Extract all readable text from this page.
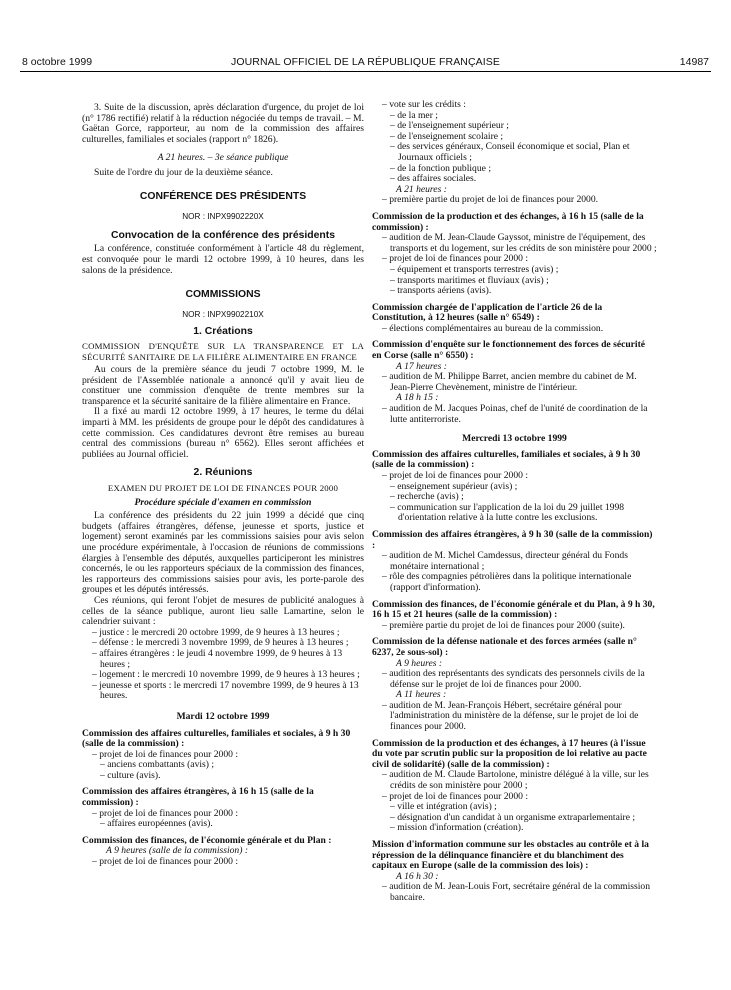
8 octobre 1999	JOURNAL OFFICIEL DE LA RÉPUBLIQUE FRANÇAISE	14987

3. Suite de la discussion, après déclaration d'urgence, du projet de loi (n° 1786 rectifié) relatif à la réduction négociée du temps de travail. – M. Gaëtan Gorce, rapporteur, au nom de la commission des affaires culturelles, familiales et sociales (rapport n° 1826).

A 21 heures. – 3e séance publique

Suite de l'ordre du jour de la deuxième séance.

CONFÉRENCE DES PRÉSIDENTS

NOR : INPX9902220X

Convocation de la conférence des présidents

La conférence, constituée conformément à l'article 48 du règlement, est convoquée pour le mardi 12 octobre 1999, à 10 heures, dans les salons de la présidence.

COMMISSIONS

NOR : INPX9902210X

1. Créations

COMMISSION D'ENQUÊTE SUR LA TRANSPARENCE ET LA SÉCURITÉ SANITAIRE DE LA FILIÈRE ALIMENTAIRE EN FRANCE

Au cours de la première séance du jeudi 7 octobre 1999, M. le président de l'Assemblée nationale a annoncé qu'il y avait lieu de constituer une commission d'enquête de trente membres sur la transparence et la sécurité sanitaire de la filière alimentaire en France.

Il a fixé au mardi 12 octobre 1999, à 17 heures, le terme du délai imparti à MM. les présidents de groupe pour le dépôt des candidatures à cette commission. Ces candidatures devront être remises au bureau central des commissions (bureau n° 6562). Elles seront affichées et publiées au Journal officiel.

2. Réunions

EXAMEN DU PROJET DE LOI DE FINANCES POUR 2000

Procédure spéciale d'examen en commission

La conférence des présidents du 22 juin 1999 a décidé que cinq budgets (affaires étrangères, défense, jeunesse et sports, justice et logement) seront examinés par les commissions saisies pour avis selon une procédure expérimentale, à l'occasion de réunions de commissions élargies à l'ensemble des députés, auxquelles participeront les ministres concernés, le ou les rapporteurs spéciaux de la commission des finances, les rapporteurs des commissions saisies pour avis, les porte-parole des groupes et les députés intéressés.

Ces réunions, qui feront l'objet de mesures de publicité analogues à celles de la séance publique, auront lieu salle Lamartine, selon le calendrier suivant :

– justice : le mercredi 20 octobre 1999, de 9 heures à 13 heures ;

– défense : le mercredi 3 novembre 1999, de 9 heures à 13 heures ;

– affaires étrangères : le jeudi 4 novembre 1999, de 9 heures à 13 heures ;

– logement : le mercredi 10 novembre 1999, de 9 heures à 13 heures ;

– jeunesse et sports : le mercredi 17 novembre 1999, de 9 heures à 13 heures.

Mardi 12 octobre 1999

Commission des affaires culturelles, familiales et sociales, à 9 h 30 (salle de la commission) :

– projet de loi de finances pour 2000 :

– anciens combattants (avis) ;

– culture (avis).

Commission des affaires étrangères, à 16 h 15 (salle de la commission) :

– projet de loi de finances pour 2000 :

– affaires européennes (avis).

Commission des finances, de l'économie générale et du Plan :

A 9 heures (salle de la commission) :

– projet de loi de finances pour 2000 :

– vote sur les crédits :

– de la mer ;

– de l'enseignement supérieur ;

– de l'enseignement scolaire ;

– des services généraux, Conseil économique et social, Plan et Journaux officiels ;

– de la fonction publique ;

– des affaires sociales.

A 21 heures :

– première partie du projet de loi de finances pour 2000.

Commission de la production et des échanges, à 16 h 15 (salle de la commission) :

– audition de M. Jean-Claude Gayssot, ministre de l'équipement, des transports et du logement, sur les crédits de son ministère pour 2000 ;

– projet de loi de finances pour 2000 :

– équipement et transports terrestres (avis) ;

– transports maritimes et fluviaux (avis) ;

– transports aériens (avis).

Commission chargée de l'application de l'article 26 de la Constitution, à 12 heures (salle n° 6549) :

– élections complémentaires au bureau de la commission.

Commission d'enquête sur le fonctionnement des forces de sécurité en Corse (salle n° 6550) :

A 17 heures :

– audition de M. Philippe Barret, ancien membre du cabinet de M. Jean-Pierre Chevènement, ministre de l'intérieur.

A 18 h 15 :

– audition de M. Jacques Poinas, chef de l'unité de coordination de la lutte antiterroriste.

Mercredi 13 octobre 1999

Commission des affaires culturelles, familiales et sociales, à 9 h 30 (salle de la commission) :

– projet de loi de finances pour 2000 :

– enseignement supérieur (avis) ;

– recherche (avis) ;

– communication sur l'application de la loi du 29 juillet 1998 d'orientation relative à la lutte contre les exclusions.

Commission des affaires étrangères, à 9 h 30 (salle de la commission) :

– audition de M. Michel Camdessus, directeur général du Fonds monétaire international ;

– rôle des compagnies pétrolières dans la politique internationale (rapport d'information).

Commission des finances, de l'économie générale et du Plan, à 9 h 30, 16 h 15 et 21 heures (salle de la commission) :

– première partie du projet de loi de finances pour 2000 (suite).

Commission de la défense nationale et des forces armées (salle n° 6237, 2e sous-sol) :

A 9 heures :

– audition des représentants des syndicats des personnels civils de la défense sur le projet de loi de finances pour 2000.

A 11 heures :

– audition de M. Jean-François Hébert, secrétaire général pour l'administration du ministère de la défense, sur le projet de loi de finances pour 2000.

Commission de la production et des échanges, à 17 heures (à l'issue du vote par scrutin public sur la proposition de loi relative au pacte civil de solidarité) (salle de la commission) :

– audition de M. Claude Bartolone, ministre délégué à la ville, sur les crédits de son ministère pour 2000 ;

– projet de loi de finances pour 2000 :

– ville et intégration (avis) ;

– désignation d'un candidat à un organisme extraparlementaire ;

– mission d'information (création).

Mission d'information commune sur les obstacles au contrôle et à la répression de la délinquance financière et du blanchiment des capitaux en Europe (salle de la commission des lois) :

A 16 h 30 :

– audition de M. Jean-Louis Fort, secrétaire général de la commission bancaire.
